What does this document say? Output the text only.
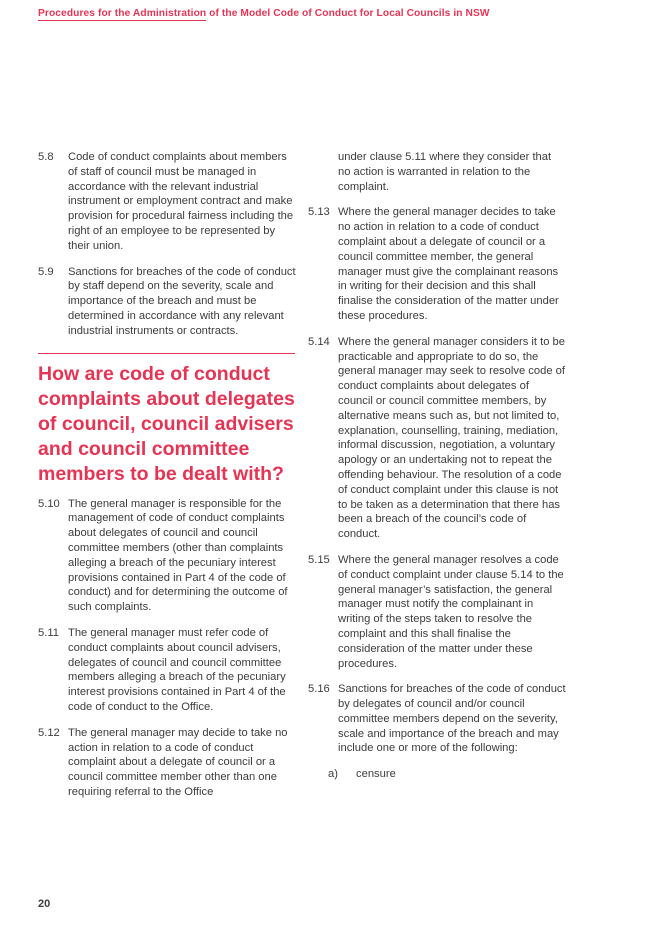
Procedures for the Administration of the Model Code of Conduct for Local Councils in NSW
5.8 Code of conduct complaints about members of staff of council must be managed in accordance with the relevant industrial instrument or employment contract and make provision for procedural fairness including the right of an employee to be represented by their union.
5.9 Sanctions for breaches of the code of conduct by staff depend on the severity, scale and importance of the breach and must be determined in accordance with any relevant industrial instruments or contracts.
How are code of conduct complaints about delegates of council, council advisers and council committee members to be dealt with?
5.10 The general manager is responsible for the management of code of conduct complaints about delegates of council and council committee members (other than complaints alleging a breach of the pecuniary interest provisions contained in Part 4 of the code of conduct) and for determining the outcome of such complaints.
5.11 The general manager must refer code of conduct complaints about council advisers, delegates of council and council committee members alleging a breach of the pecuniary interest provisions contained in Part 4 of the code of conduct to the Office.
5.12 The general manager may decide to take no action in relation to a code of conduct complaint about a delegate of council or a council committee member other than one requiring referral to the Office
under clause 5.11 where they consider that no action is warranted in relation to the complaint.
5.13 Where the general manager decides to take no action in relation to a code of conduct complaint about a delegate of council or a council committee member, the general manager must give the complainant reasons in writing for their decision and this shall finalise the consideration of the matter under these procedures.
5.14 Where the general manager considers it to be practicable and appropriate to do so, the general manager may seek to resolve code of conduct complaints about delegates of council or council committee members, by alternative means such as, but not limited to, explanation, counselling, training, mediation, informal discussion, negotiation, a voluntary apology or an undertaking not to repeat the offending behaviour. The resolution of a code of conduct complaint under this clause is not to be taken as a determination that there has been a breach of the council’s code of conduct.
5.15 Where the general manager resolves a code of conduct complaint under clause 5.14 to the general manager’s satisfaction, the general manager must notify the complainant in writing of the steps taken to resolve the complaint and this shall finalise the consideration of the matter under these procedures.
5.16 Sanctions for breaches of the code of conduct by delegates of council and/or council committee members depend on the severity, scale and importance of the breach and may include one or more of the following:
a) censure
20
